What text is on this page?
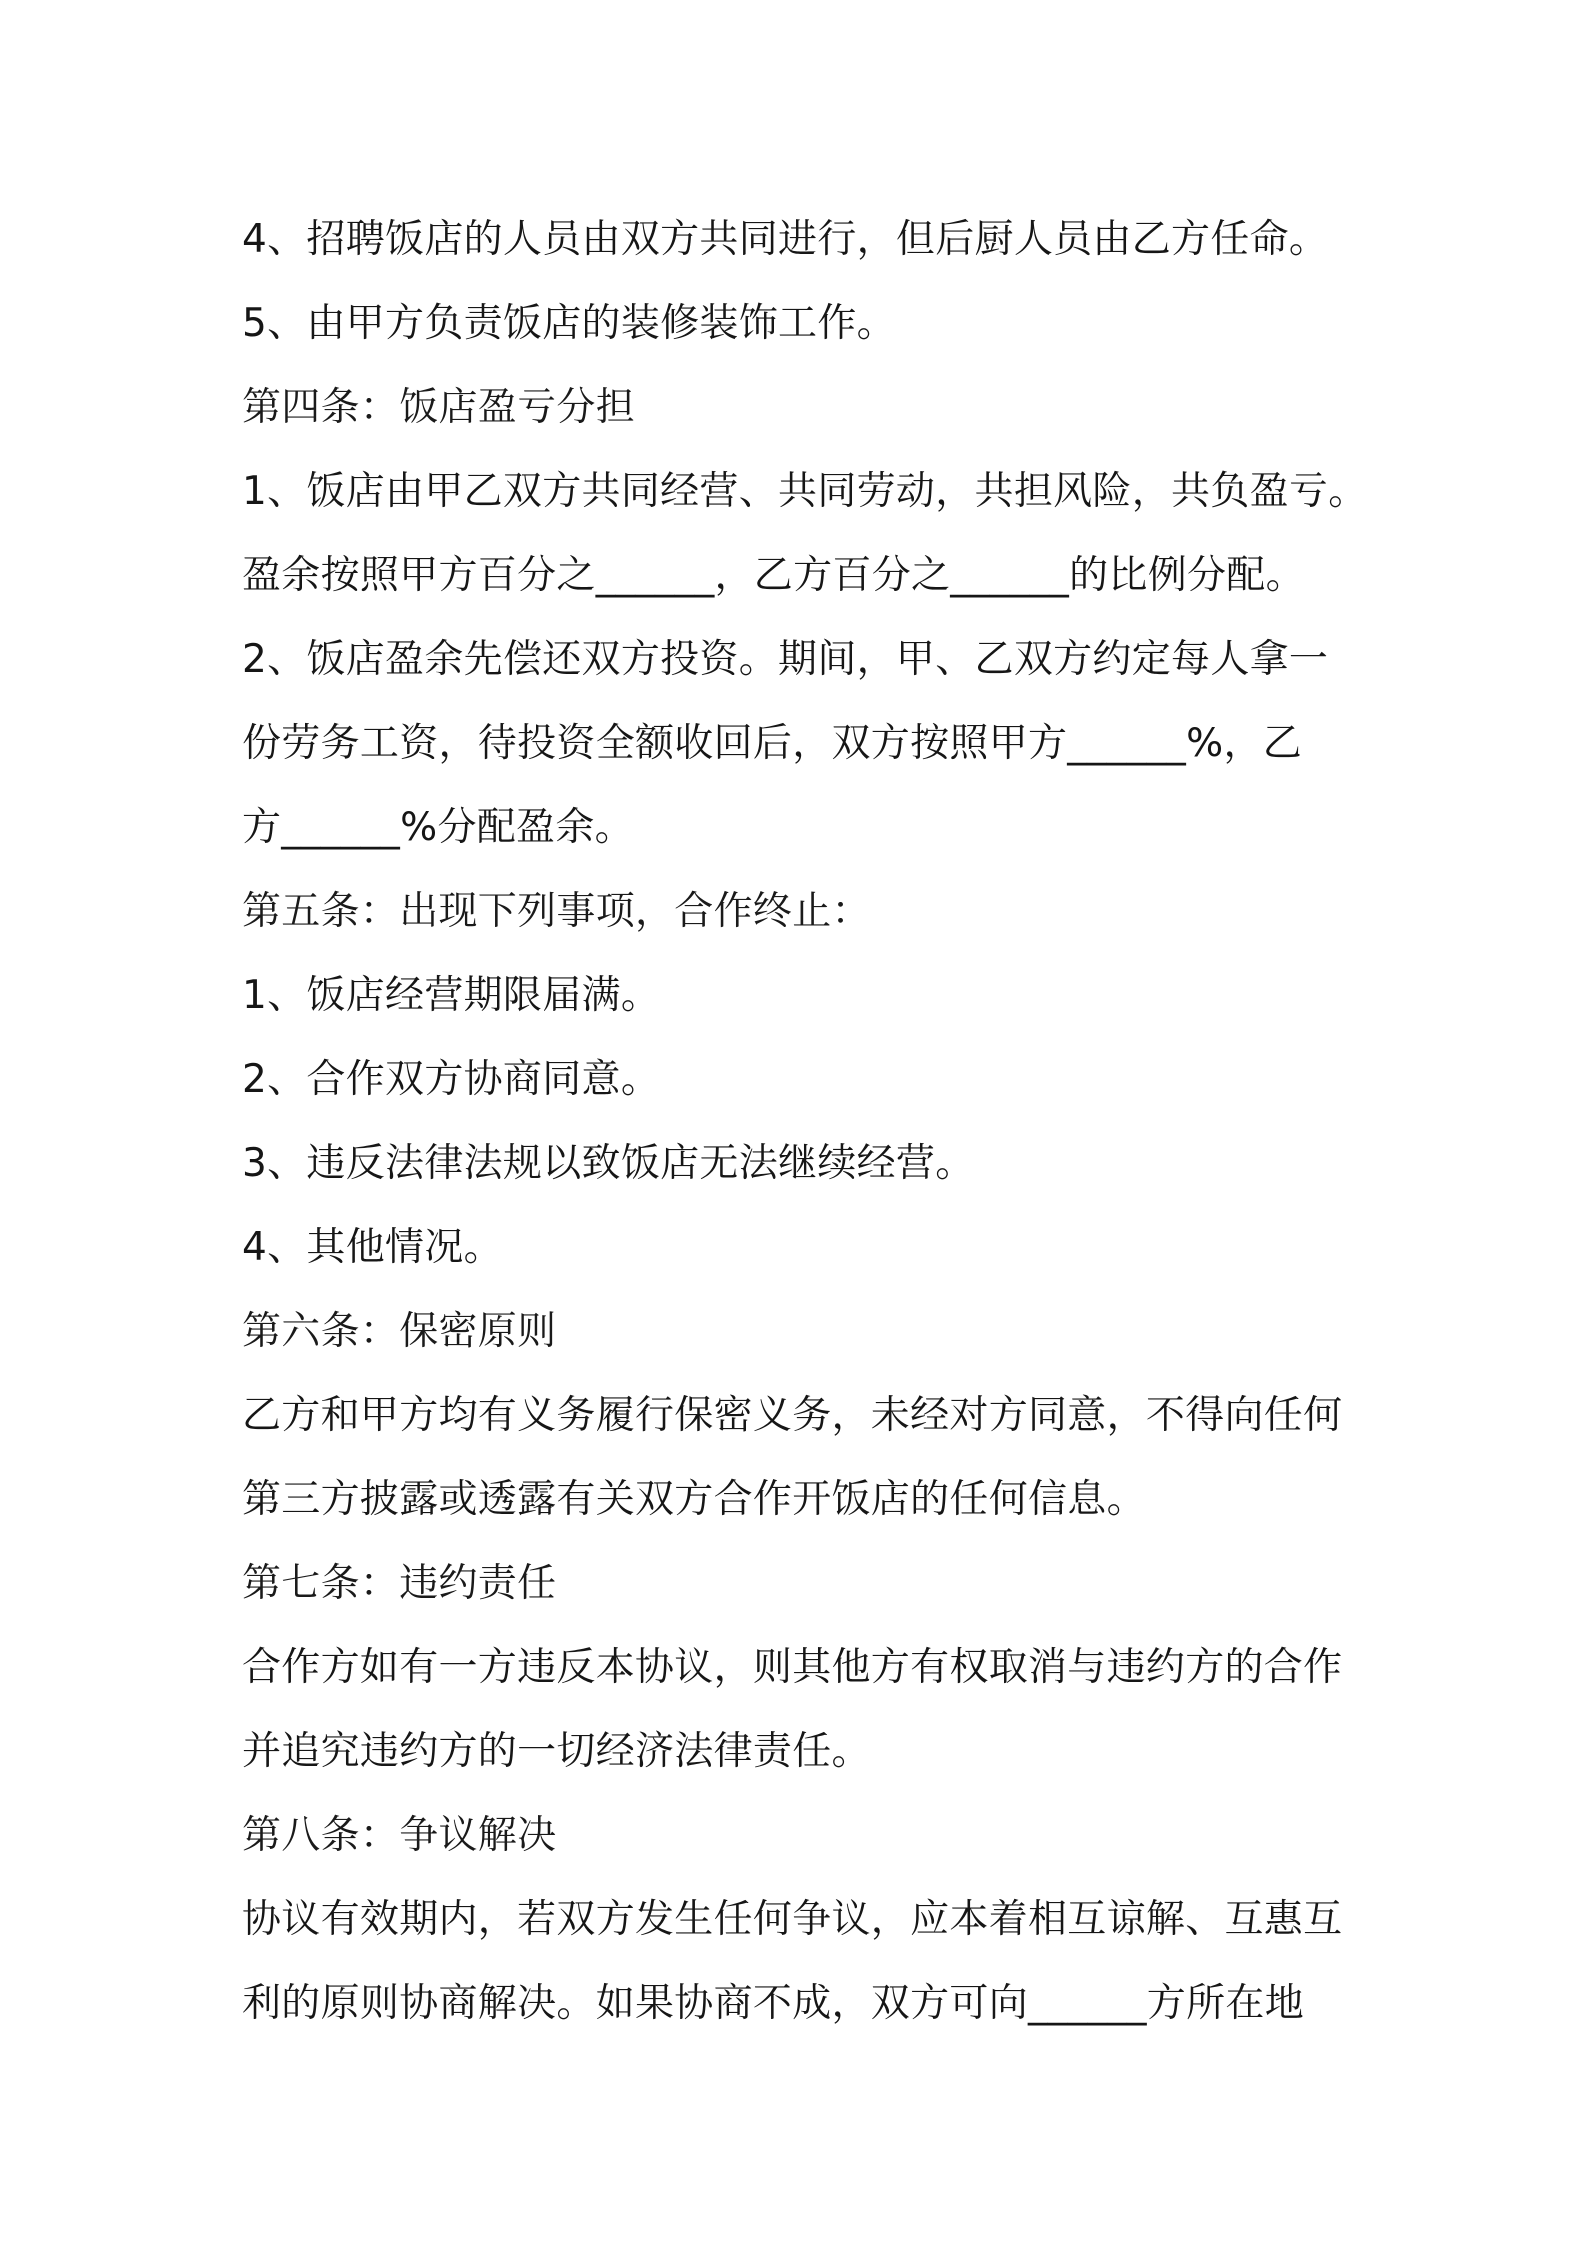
4、招聘饭店的人员由双方共同进行，但后厨人员由乙方任命。
5、由甲方负责饭店的装修装饰工作。
第四条：饭店盈亏分担
1、饭店由甲乙双方共同经营、共同劳动，共担风险，共负盈亏。
盈余按照甲方百分之______，乙方百分之______的比例分配。
2、饭店盈余先偿还双方投资。期间，甲、乙双方约定每人拿一
份劳务工资，待投资全额收回后，双方按照甲方______%，乙
方______%分配盈余。
第五条：出现下列事项，合作终止：
1、饭店经营期限届满。
2、合作双方协商同意。
3、违反法律法规以致饭店无法继续经营。
4、其他情况。
第六条：保密原则
乙方和甲方均有义务履行保密义务，未经对方同意，不得向任何
第三方披露或透露有关双方合作开饭店的任何信息。
第七条：违约责任
合作方如有一方违反本协议，则其他方有权取消与违约方的合作
并追究违约方的一切经济法律责任。
第八条：争议解决
协议有效期内，若双方发生任何争议，应本着相互谅解、互惠互
利的原则协商解决。如果协商不成，双方可向______方所在地
